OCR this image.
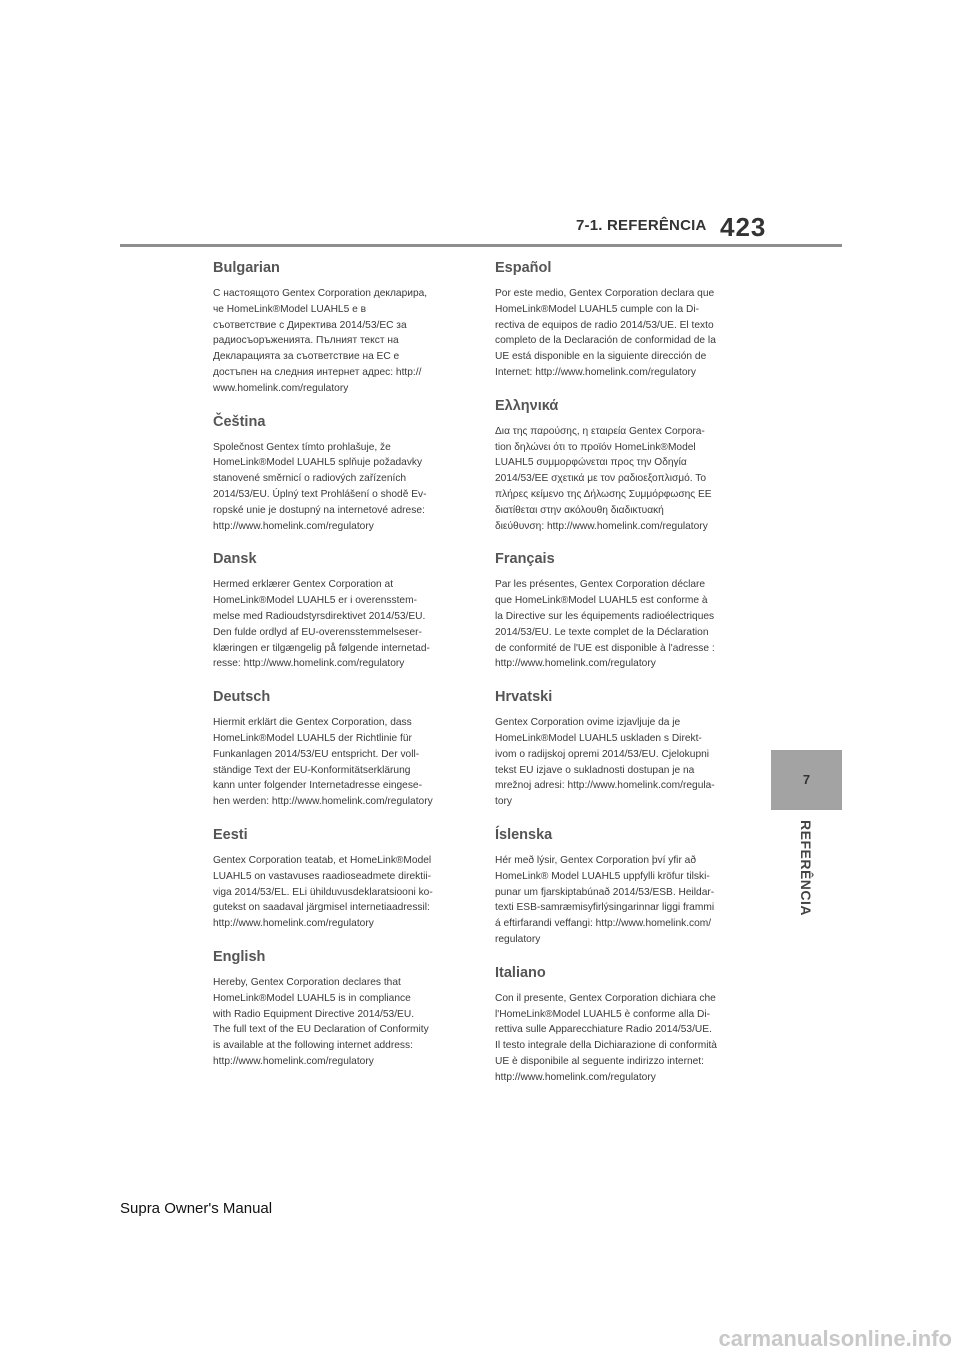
7-1. REFERÊNCIA 423
Bulgarian
С настоящото Gentex Corporation декларира,
че HomeLink®Model LUAHL5 е в
съответствие с Директива 2014/53/ЕС за
радиосъоръженията. Пълният текст на
Декларацията за съответствие на ЕС е
достъпен на следния интернет адрес: http://
www.homelink.com/regulatory
Čeština
Společnost Gentex tímto prohlašuje, že
HomeLink®Model LUAHL5 splňuje požadavky
stanovené směrnicí o radiových zařízeních
2014/53/EU. Úplný text Prohlášení o shodě Ev-
ropské unie je dostupný na internetové adrese:
http://www.homelink.com/regulatory
Dansk
Hermed erklærer Gentex Corporation at
HomeLink®Model LUAHL5 er i overensstem-
melse med Radioudstyrsdirektivet 2014/53/EU.
Den fulde ordlyd af EU-overensstemmelseser-
klæringen er tilgængelig på følgende internetad-
resse: http://www.homelink.com/regulatory
Deutsch
Hiermit erklärt die Gentex Corporation, dass
HomeLink®Model LUAHL5 der Richtlinie für
Funkanlagen 2014/53/EU entspricht. Der voll-
ständige Text der EU-Konformitätserklärung
kann unter folgender Internetadresse eingese-
hen werden: http://www.homelink.com/regulatory
Eesti
Gentex Corporation teatab, et HomeLink®Model
LUAHL5 on vastavuses raadioseadmete direktii-
viga 2014/53/EL. ELi ühilduvusdeklaratsiooni ko-
gutekst on saadaval järgmisel internetiaadressil:
http://www.homelink.com/regulatory
English
Hereby, Gentex Corporation declares that
HomeLink®Model LUAHL5 is in compliance
with Radio Equipment Directive 2014/53/EU.
The full text of the EU Declaration of Conformity
is available at the following internet address:
http://www.homelink.com/regulatory
Español
Por este medio, Gentex Corporation declara que
HomeLink®Model LUAHL5 cumple con la Di-
rectiva de equipos de radio 2014/53/UE. El texto
completo de la Declaración de conformidad de la
UE está disponible en la siguiente dirección de
Internet: http://www.homelink.com/regulatory
Ελληνικά
Δια της παρούσης, η εταιρεία Gentex Corpora-
tion δηλώνει ότι το προϊόν HomeLink®Model
LUAHL5 συμμορφώνεται προς την Οδηγία
2014/53/ΕΕ σχετικά με τον ραδιοεξοπλισμό. Το
πλήρες κείμενο της Δήλωσης Συμμόρφωσης ΕΕ
διατίθεται στην ακόλουθη διαδικτυακή
διεύθυνση: http://www.homelink.com/regulatory
Français
Par les présentes, Gentex Corporation déclare
que HomeLink®Model LUAHL5 est conforme à
la Directive sur les équipements radioélectriques
2014/53/EU. Le texte complet de la Déclaration
de conformité de l'UE est disponible à l'adresse :
http://www.homelink.com/regulatory
Hrvatski
Gentex Corporation ovime izjavljuje da je
HomeLink®Model LUAHL5 uskladen s Direkt-
ivom o radijskoj opremi 2014/53/EU. Cjelokupni
tekst EU izjave o sukladnosti dostupan je na
mrežnoj adresi: http://www.homelink.com/regula-
tory
Íslenska
Hér með lýsir, Gentex Corporation því yfir að
HomeLink® Model LUAHL5 uppfylli kröfur tilski-
punar um fjarskiptabúnað 2014/53/ESB. Heildar-
texti ESB-samræmisyfirlýsingarinnar liggi frammi
á eftirfarandi veffangi: http://www.homelink.com/
regulatory
Italiano
Con il presente, Gentex Corporation dichiara che
l'HomeLink®Model LUAHL5 è conforme alla Di-
rettiva sulle Apparecchiature Radio 2014/53/UE.
Il testo integrale della Dichiarazione di conformità
UE è disponibile al seguente indirizzo internet:
http://www.homelink.com/regulatory
7
REFERÊNCIA
Supra Owner's Manual
carmanualsonline.info
